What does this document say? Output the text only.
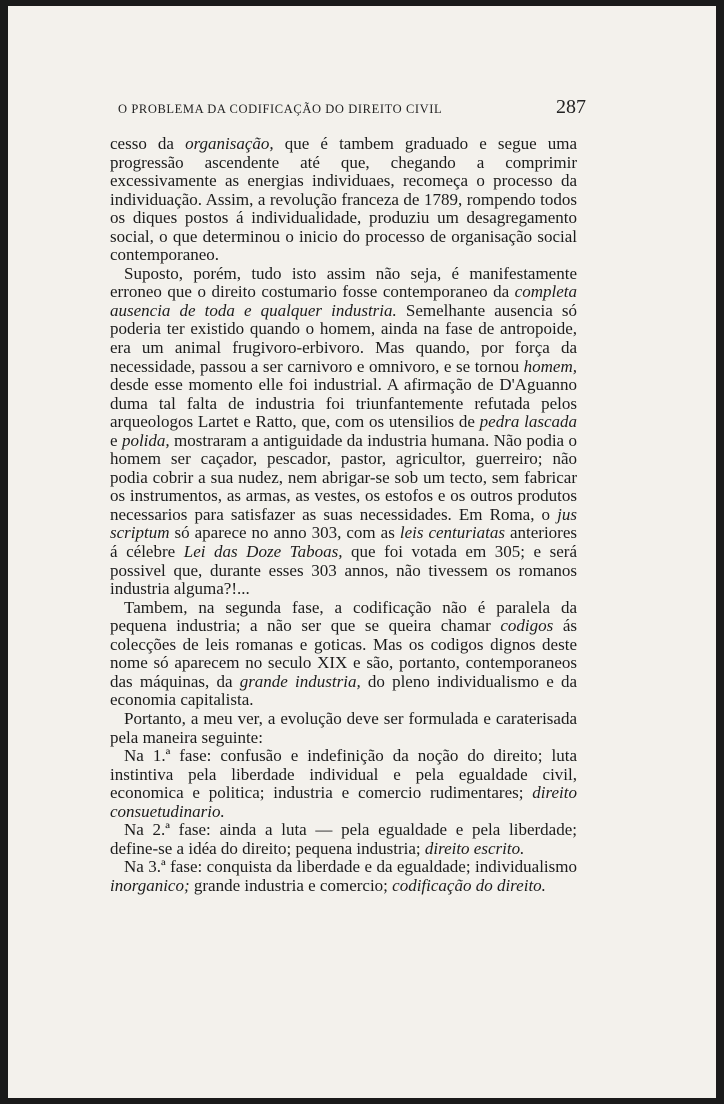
O PROBLEMA DA CODIFICAÇÃO DO DIREITO CIVIL	287

cesso da organisação, que é tambem graduado e segue uma progressão ascendente até que, chegando a comprimir excessivamente as energias individuaes, recomeça o processo da individuação. Assim, a revolução franceza de 1789, rompendo todos os diques postos á individualidade, produziu um desagregamento social, o que determinou o inicio do processo de organisação social contemporaneo.

Suposto, porém, tudo isto assim não seja, é manifestamente erroneo que o direito costumario fosse contemporaneo da completa ausencia de toda e qualquer industria. Semelhante ausencia só poderia ter existido quando o homem, ainda na fase de antropoide, era um animal frugivoro-erbivoro. Mas quando, por força da necessidade, passou a ser carnivoro e omnivoro, e se tornou homem, desde esse momento elle foi industrial. A afirmação de D'Aguanno duma tal falta de industria foi triunfantemente refutada pelos arqueologos Lartet e Ratto, que, com os utensilios de pedra lascada e polida, mostraram a antiguidade da industria humana. Não podia o homem ser caçador, pescador, pastor, agricultor, guerreiro; não podia cobrir a sua nudez, nem abrigar-se sob um tecto, sem fabricar os instrumentos, as armas, as vestes, os estofos e os outros produtos necessarios para satisfazer as suas necessidades. Em Roma, o jus scriptum só aparece no anno 303, com as leis centuriatas anteriores á célebre Lei das Doze Taboas, que foi votada em 305; e será possivel que, durante esses 303 annos, não tivessem os romanos industria alguma?!...

Tambem, na segunda fase, a codificação não é paralela da pequena industria; a não ser que se queira chamar codigos ás colecções de leis romanas e goticas. Mas os codigos dignos deste nome só aparecem no seculo XIX e são, portanto, contemporaneos das máquinas, da grande industria, do pleno individualismo e da economia capitalista.

Portanto, a meu ver, a evolução deve ser formulada e caraterisada pela maneira seguinte:

Na 1.ª fase: confusão e indefinição da noção do direito; luta instintiva pela liberdade individual e pela egualdade civil, economica e politica; industria e comercio rudimentares; direito consuetudinario.

Na 2.ª fase: ainda a luta — pela egualdade e pela liberdade; define-se a idéa do direito; pequena industria; direito escrito.

Na 3.ª fase: conquista da liberdade e da egualdade; individualismo inorganico; grande industria e comercio; codificação do direito.
